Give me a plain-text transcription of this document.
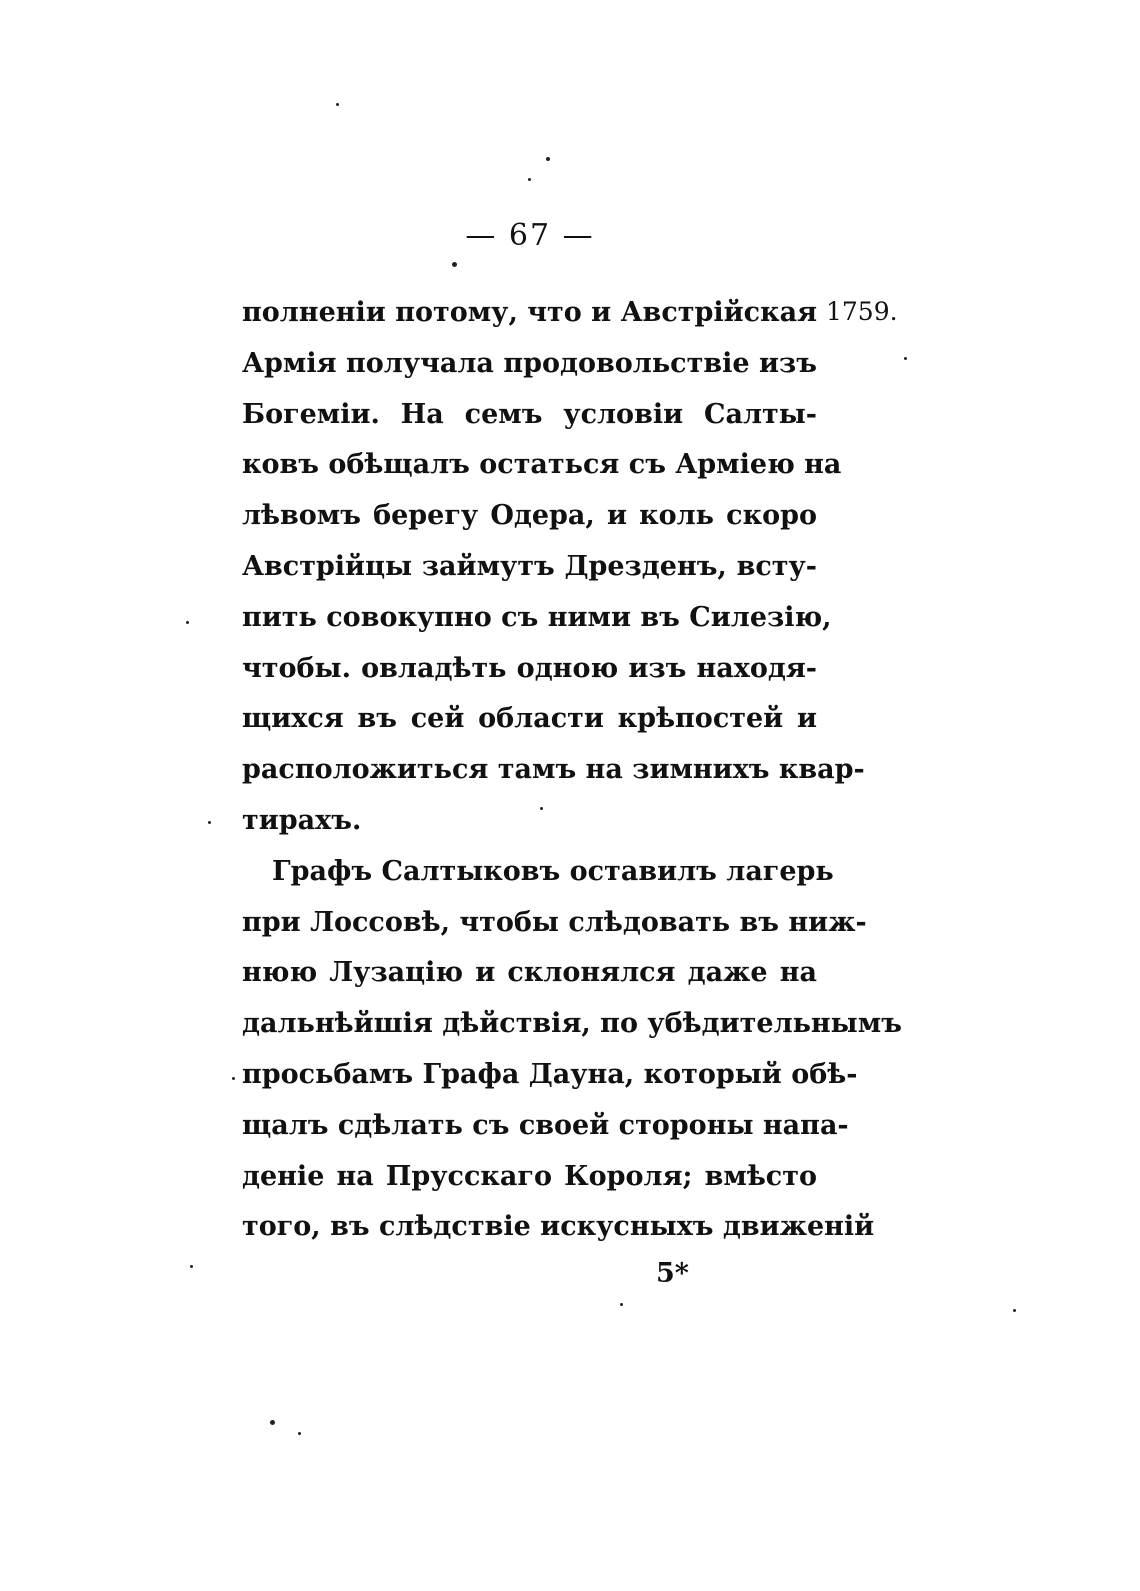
— 67 —
1759.
полненіи потому, что и Австрійская
Армія получала продовольствіе изъ
Богеміи. На семъ условіи Салты-
ковъ обѣщалъ остаться съ Арміею на
лѣвомъ берегу Одера, и коль скоро
Австрійцы займутъ Дрезденъ, всту-
пить совокупно съ ними въ Силезію,
чтобы. овладѣть одною изъ находя-
щихся въ сей области крѣпостей и
расположиться тамъ на зимнихъ квар-
тирахъ.
Графъ Салтыковъ оставилъ лагерь
при Лоссовѣ, чтобы слѣдовать въ ниж-
нюю Лузацію и склонялся даже на
дальнѣйшія дѣйствія, по убѣдительнымъ
просьбамъ Графа Дауна, который обѣ-
щалъ сдѣлать съ своей стороны напа-
деніе на Прусскаго Короля; вмѣсто
того, въ слѣдствіе искусныхъ движеній
5*
